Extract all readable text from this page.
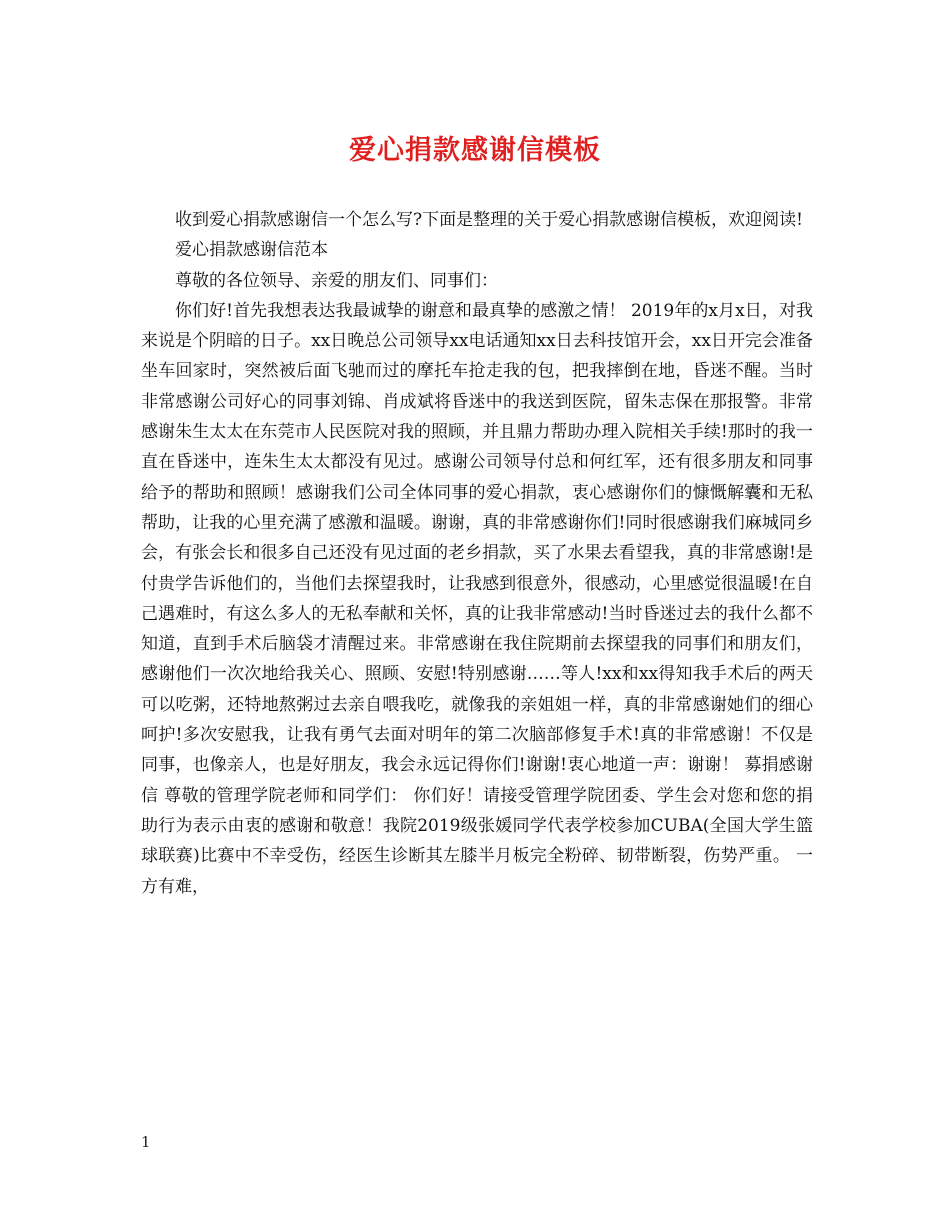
爱心捐款感谢信模板

收到爱心捐款感谢信一个怎么写?下面是整理的关于爱心捐款感谢信模板，欢迎阅读!

爱心捐款感谢信范本

尊敬的各位领导、亲爱的朋友们、同事们：

你们好!首先我想表达我最诚挚的谢意和最真挚的感激之情！ 2019年的x月x日，对我来说是个阴暗的日子。xx日晚总公司领导xx电话通知xx日去科技馆开会，xx日开完会准备坐车回家时，突然被后面飞驰而过的摩托车抢走我的包，把我摔倒在地，昏迷不醒。当时非常感谢公司好心的同事刘锦、肖成斌将昏迷中的我送到医院，留朱志保在那报警。非常感谢朱生太太在东莞市人民医院对我的照顾，并且鼎力帮助办理入院相关手续!那时的我一直在昏迷中，连朱生太太都没有见过。感谢公司领导付总和何红军，还有很多朋友和同事给予的帮助和照顾！感谢我们公司全体同事的爱心捐款，衷心感谢你们的慷慨解囊和无私帮助，让我的心里充满了感激和温暖。谢谢，真的非常感谢你们!同时很感谢我们麻城同乡会，有张会长和很多自己还没有见过面的老乡捐款，买了水果去看望我，真的非常感谢!是付贵学告诉他们的，当他们去探望我时，让我感到很意外，很感动，心里感觉很温暖!在自己遇难时，有这么多人的无私奉献和关怀，真的让我非常感动!当时昏迷过去的我什么都不知道，直到手术后脑袋才清醒过来。非常感谢在我住院期前去探望我的同事们和朋友们，感谢他们一次次地给我关心、照顾、安慰!特别感谢……等人!xx和xx得知我手术后的两天可以吃粥，还特地熬粥过去亲自喂我吃，就像我的亲姐姐一样，真的非常感谢她们的细心呵护!多次安慰我，让我有勇气去面对明年的第二次脑部修复手术!真的非常感谢！不仅是同事，也像亲人，也是好朋友，我会永远记得你们!谢谢!衷心地道一声：谢谢！ 募捐感谢信 尊敬的管理学院老师和同学们： 你们好！请接受管理学院团委、学生会对您和您的捐助行为表示由衷的感谢和敬意！我院2019级张媛同学代表学校参加CUBA(全国大学生篮球联赛)比赛中不幸受伤，经医生诊断其左膝半月板完全粉碎、韧带断裂，伤势严重。 一方有难，

1
